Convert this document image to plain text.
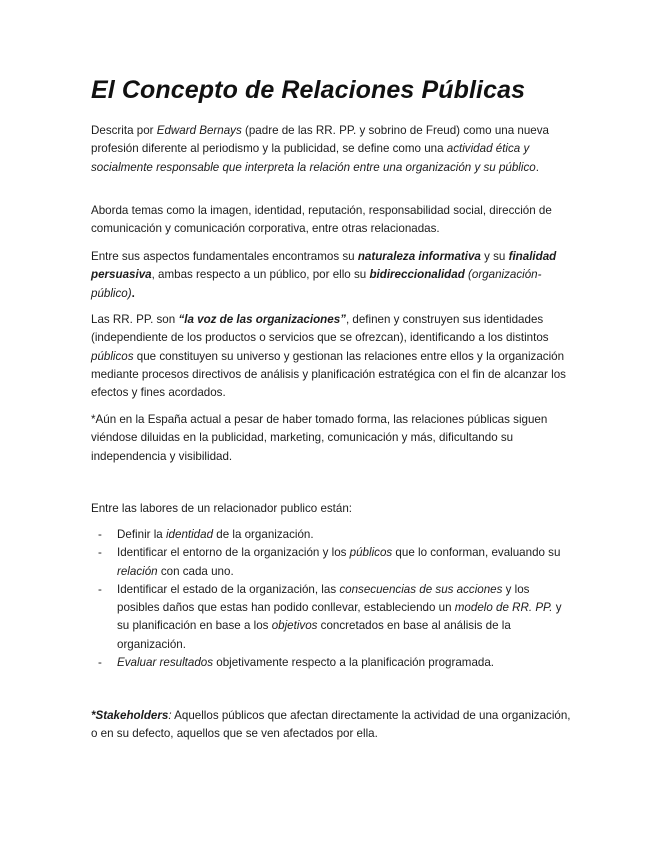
El Concepto de Relaciones Públicas

Descrita por Edward Bernays (padre de las RR. PP. y sobrino de Freud) como una nueva profesión diferente al periodismo y la publicidad, se define como una actividad ética y socialmente responsable que interpreta la relación entre una organización y su público.

Aborda temas como la imagen, identidad, reputación, responsabilidad social, dirección de comunicación y comunicación corporativa, entre otras relacionadas.

Entre sus aspectos fundamentales encontramos su naturaleza informativa y su finalidad persuasiva, ambas respecto a un público, por ello su bidireccionalidad (organización-público).

Las RR. PP. son “la voz de las organizaciones”, definen y construyen sus identidades (independiente de los productos o servicios que se ofrezcan), identificando a los distintos públicos que constituyen su universo y gestionan las relaciones entre ellos y la organización mediante procesos directivos de análisis y planificación estratégica con el fin de alcanzar los efectos y fines acordados.

*Aún en la España actual a pesar de haber tomado forma, las relaciones públicas siguen viéndose diluidas en la publicidad, marketing, comunicación y más, dificultando su independencia y visibilidad.

Entre las labores de un relacionador publico están:

- Definir la identidad de la organización.
- Identificar el entorno de la organización y los públicos que lo conforman, evaluando su relación con cada uno.
- Identificar el estado de la organización, las consecuencias de sus acciones y los posibles daños que estas han podido conllevar, estableciendo un modelo de RR. PP. y su planificación en base a los objetivos concretados en base al análisis de la organización.
- Evaluar resultados objetivamente respecto a la planificación programada.

*Stakeholders: Aquellos públicos que afectan directamente la actividad de una organización, o en su defecto, aquellos que se ven afectados por ella.
